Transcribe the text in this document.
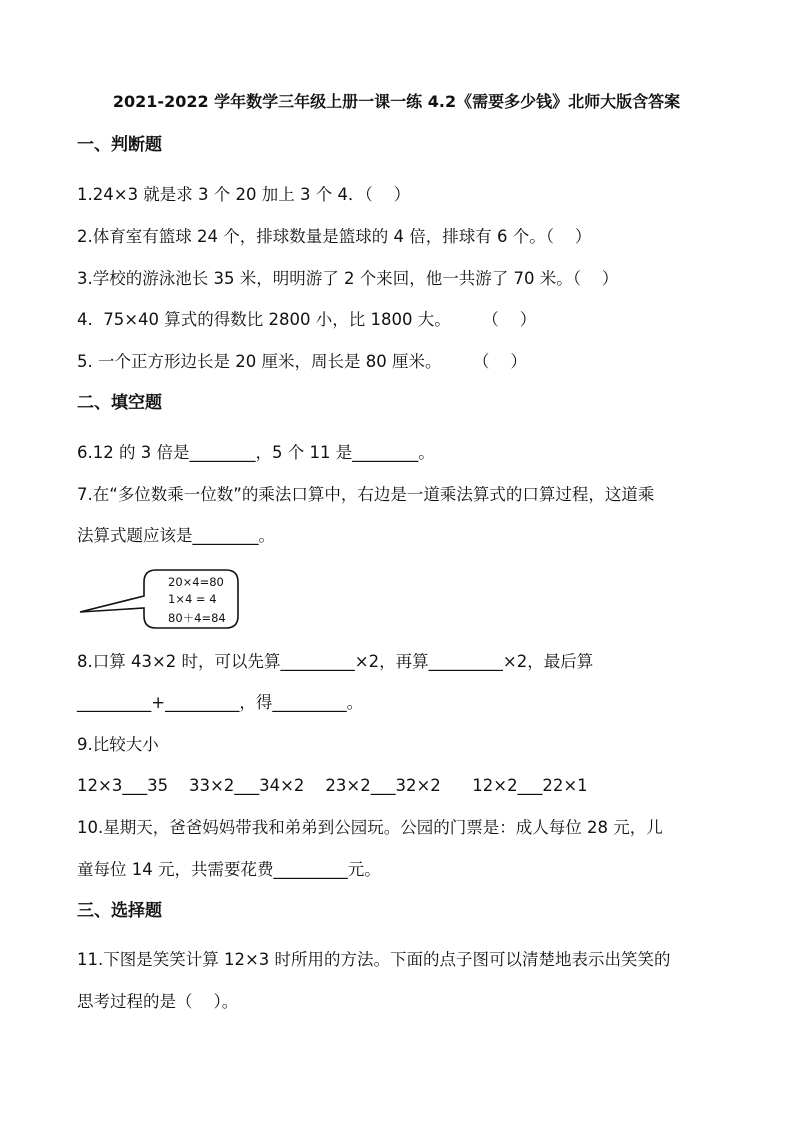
2021-2022 学年数学三年级上册一课一练 4.2《需要多少钱》北师大版含答案
一、判断题
1.24×3 就是求 3 个 20 加上 3 个 4．（    ）
2.体育室有篮球 24 个，排球数量是篮球的 4 倍，排球有 6 个。（    ）
3.学校的游泳池长 35 米，明明游了 2 个来回，他一共游了 70 米。（    ）
4.  75×40 算式的得数比 2800 小，比 1800 大。      （    ）
5. 一个正方形边长是 20 厘米，周长是 80 厘米。      （    ）
二、填空题
6.12 的 3 倍是________，5 个 11 是________。
7.在“多位数乘一位数”的乘法口算中，右边是一道乘法算式的口算过程，这道乘
法算式题应该是________。
20×4=80
1×4 = 4
80＋4=84
8.口算 43×2 时，可以先算_________×2，再算_________×2，最后算
_________+_________，得_________。
9.比较大小
12×3___35    33×2___34×2    23×2___32×2      12×2___22×1
10.星期天，爸爸妈妈带我和弟弟到公园玩。公园的门票是：成人每位 28 元，儿
童每位 14 元，共需要花费_________元。
三、选择题
11.下图是笑笑计算 12×3 时所用的方法。下面的点子图可以清楚地表示出笑笑的
思考过程的是（    ）。
